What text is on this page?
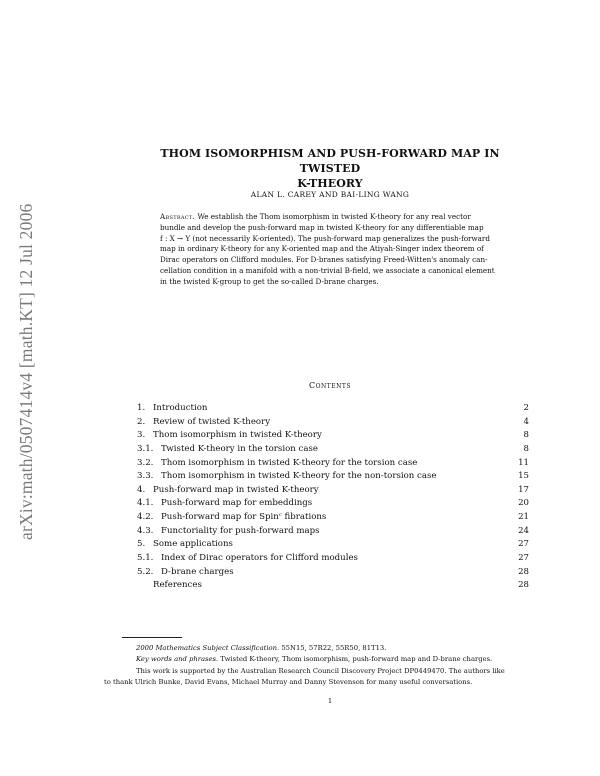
arXiv:math/0507414v4 [math.KT] 12 Jul 2006
THOM ISOMORPHISM AND PUSH-FORWARD MAP IN TWISTED
K-THEORY
ALAN L. CAREY AND BAI-LING WANG
Abstract. We establish the Thom isomorphism in twisted K-theory for any real vector
bundle and develop the push-forward map in twisted K-theory for any differentiable map
f : X → Y (not necessarily K-oriented). The push-forward map generalizes the push-forward
map in ordinary K-theory for any K-oriented map and the Atiyah-Singer index theorem of
Dirac operators on Clifford modules. For D-branes satisfying Freed-Witten's anomaly can-
cellation condition in a manifold with a non-trivial B-field, we associate a canonical element
in the twisted K-group to get the so-called D-brane charges.
Contents
1. Introduction	2
2. Review of twisted K-theory	4
3. Thom isomorphism in twisted K-theory	8
3.1. Twisted K-theory in the torsion case	8
3.2. Thom isomorphism in twisted K-theory for the torsion case	11
3.3. Thom isomorphism in twisted K-theory for the non-torsion case	15
4. Push-forward map in twisted K-theory	17
4.1. Push-forward map for embeddings	20
4.2. Push-forward map for Spinᶜ fibrations	21
4.3. Functoriality for push-forward maps	24
5. Some applications	27
5.1. Index of Dirac operators for Clifford modules	27
5.2. D-brane charges	28
References	28
2000 Mathematics Subject Classification. 55N15, 57R22, 55R50, 81T13.
Key words and phrases. Twisted K-theory, Thom isomorphism, push-forward map and D-brane charges.
This work is supported by the Australian Research Council Discovery Project DP0449470. The authors like
to thank Ulrich Bunke, David Evans, Michael Murray and Danny Stevenson for many useful conversations.
1
